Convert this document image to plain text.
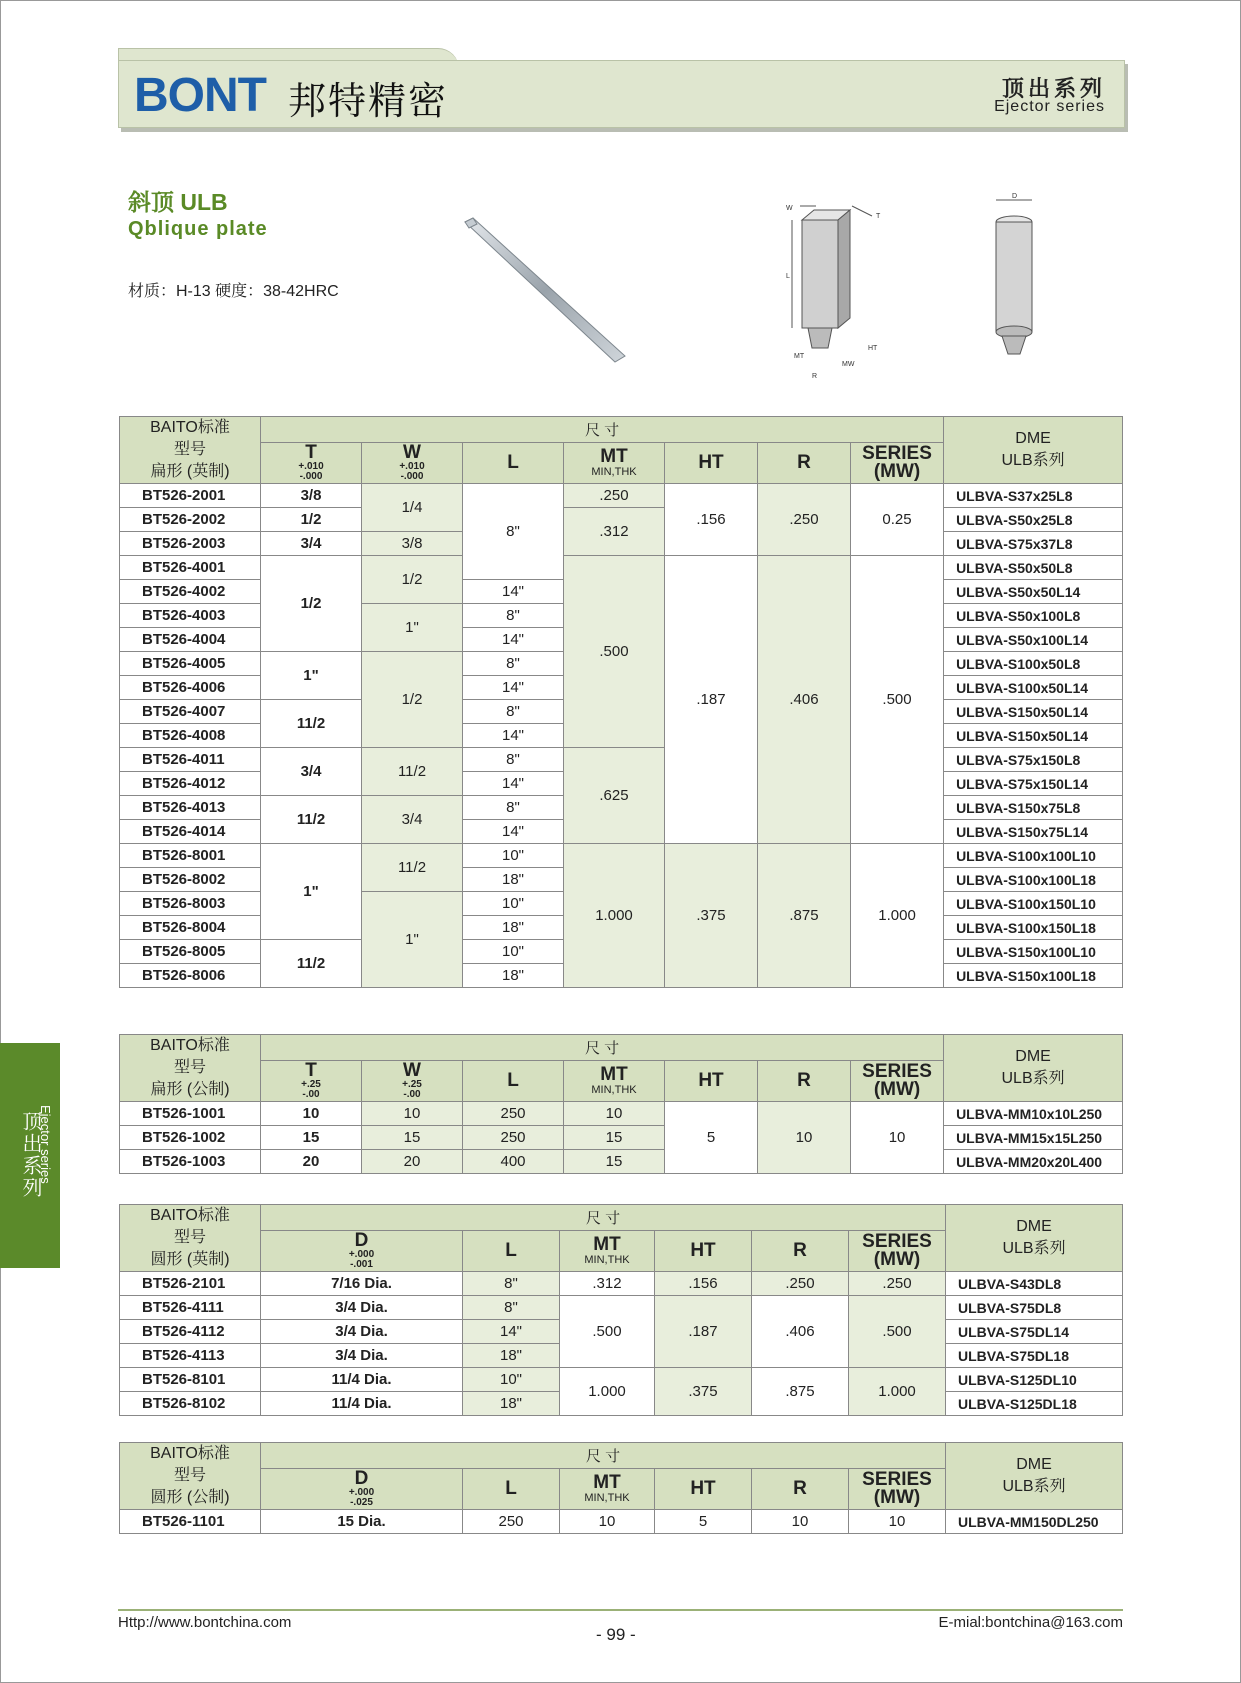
BONT 邦特精密	顶出系列
Ejector series
斜顶 ULB
Qblique plate
材质：H-13 硬度：38-42HRC
L
W
T
HT
MT
MW
R
D
顶出系列
Ejector series
BAITO标准
型号
扁形 (英制)	尺 寸							DME
ULB系列

	T
+.010
-.000	W
+.010
-.000	L	MT
MIN,THK	HT	R	SERIES
(MW)	

BT526-2001	3/8	1/4	8"	.250	.156	.250	0.25	ULBVA-S37x25L8
BT526-2002	1/2			.312				ULBVA-S50x25L8
BT526-2003	3/4	3/8						ULBVA-S75x37L8
BT526-4001	1/2	1/2		.500	.187	.406	.500	ULBVA-S50x50L8
BT526-4002			14"					ULBVA-S50x50L14
BT526-4003		1"	8"					ULBVA-S50x100L8
BT526-4004			14"					ULBVA-S50x100L14
BT526-4005	1"	1/2	8"					ULBVA-S100x50L8
BT526-4006			14"					ULBVA-S100x50L14
BT526-4007	11/2		8"					ULBVA-S150x50L14
BT526-4008			14"					ULBVA-S150x50L14
BT526-4011	3/4	11/2	8"	.625				ULBVA-S75x150L8
BT526-4012			14"					ULBVA-S75x150L14
BT526-4013	11/2	3/4	8"					ULBVA-S150x75L8
BT526-4014			14"					ULBVA-S150x75L14
BT526-8001	1"	11/2	10"	1.000	.375	.875	1.000	ULBVA-S100x100L10
BT526-8002			18"					ULBVA-S100x100L18
BT526-8003		1"	10"					ULBVA-S100x150L10
BT526-8004			18"					ULBVA-S100x150L18
BT526-8005	11/2		10"					ULBVA-S150x100L10
BT526-8006			18"					ULBVA-S150x100L18
BAITO标准
型号
扁形 (公制)	尺 寸							DME
ULB系列

	T
+.25
-.00	W
+.25
-.00	L	MT
MIN,THK	HT	R	SERIES
(MW)	

BT526-1001	10	10	250	10	5	10	10	ULBVA-MM10x10L250
BT526-1002	15	15	250	15				ULBVA-MM15x15L250
BT526-1003	20	20	400	15				ULBVA-MM20x20L400
BAITO标准
型号
圆形 (英制)	尺 寸						DME
ULB系列

	D
+.000
-.001	L	MT
MIN,THK	HT	R	SERIES
(MW)	

BT526-2101	7/16 Dia.	8"	.312	.156	.250	.250	ULBVA-S43DL8
BT526-4111	3/4 Dia.	8"	.500	.187	.406	.500	ULBVA-S75DL8
BT526-4112	3/4 Dia.	14"					ULBVA-S75DL14
BT526-4113	3/4 Dia.	18"					ULBVA-S75DL18
BT526-8101	11/4 Dia.	10"	1.000	.375	.875	1.000	ULBVA-S125DL10
BT526-8102	11/4 Dia.	18"					ULBVA-S125DL18
BAITO标准
型号
圆形 (公制)	尺 寸						DME
ULB系列

	D
+.000
-.025	L	MT
MIN,THK	HT	R	SERIES
(MW)	

BT526-1101	15 Dia.	250	10	5	10	10	ULBVA-MM150DL250
Http://www.bontchina.com
- 99 -
E-mial:bontchina@163.com
